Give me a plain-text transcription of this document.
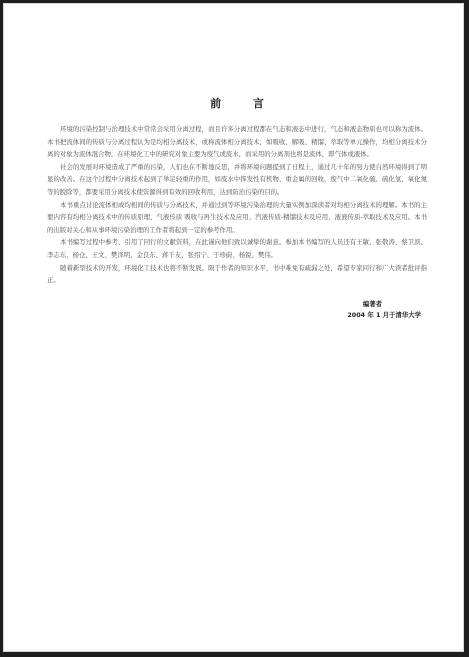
前 言

环境的污染控制与治理技术中常常会采用分离过程，而且许多分离过程都在气态和液态中进行，气态和液态物质也可以称为流体。本书把流体间的传质与分离过程认为是均相分离技术，或称流体相分离技术，如吸收、解吸、精馏、萃取等单元操作，均相分离技术分离的对象为流体混合物，在环境化工中的研究对象主要为废气或废水，而采用的分离剂也将是流体，即气体或液体。

社会的发展对环境造成了严重的污染，人们也在不断地反思，并将环境问题提到了日程上，通过几十年的努力使自然环境得到了明显的改善。在这个过程中分离技术起到了举足轻重的作用，如废水中挥发性有机物、重金属的回收，废气中二氧化硫、硫化氢、氧化氮等的脱除等，都要采用分离技术使资源得到有效的回收利用，达到防治污染的目的。

本书重点讨论流体相或均相间的传质与分离技术，并通过到等环境污染治理的大量实例加深读者对均相分离技术的理解。本书的主要内容有均相分离技术中的传质原理、气液传质 吸收与再生技术及应用、汽液传质-精馏技术及应用、液液传质-萃取技术及应用。本书的出版对关心和从事环境污染治理的工作者将起到一定的参考作用。

本书编写过程中参考、引用了同行的文献资料，在此谨向他们致以诚挚的谢意。参加本书编写的人员还有王敏、张敬涛、蔡卫滨、李志东、杨仓、王文、樊泽明、金良东、蒋千友、张绍宁、于珍蔚、杨锐、樊伟。

随着新型技术的开发，环境化工技术也将不断发展。限于作者的知识水平，书中难免有疏漏之处，希望专家同行和广大读者批评指正。

编著者
2004 年 1 月于清华大学
